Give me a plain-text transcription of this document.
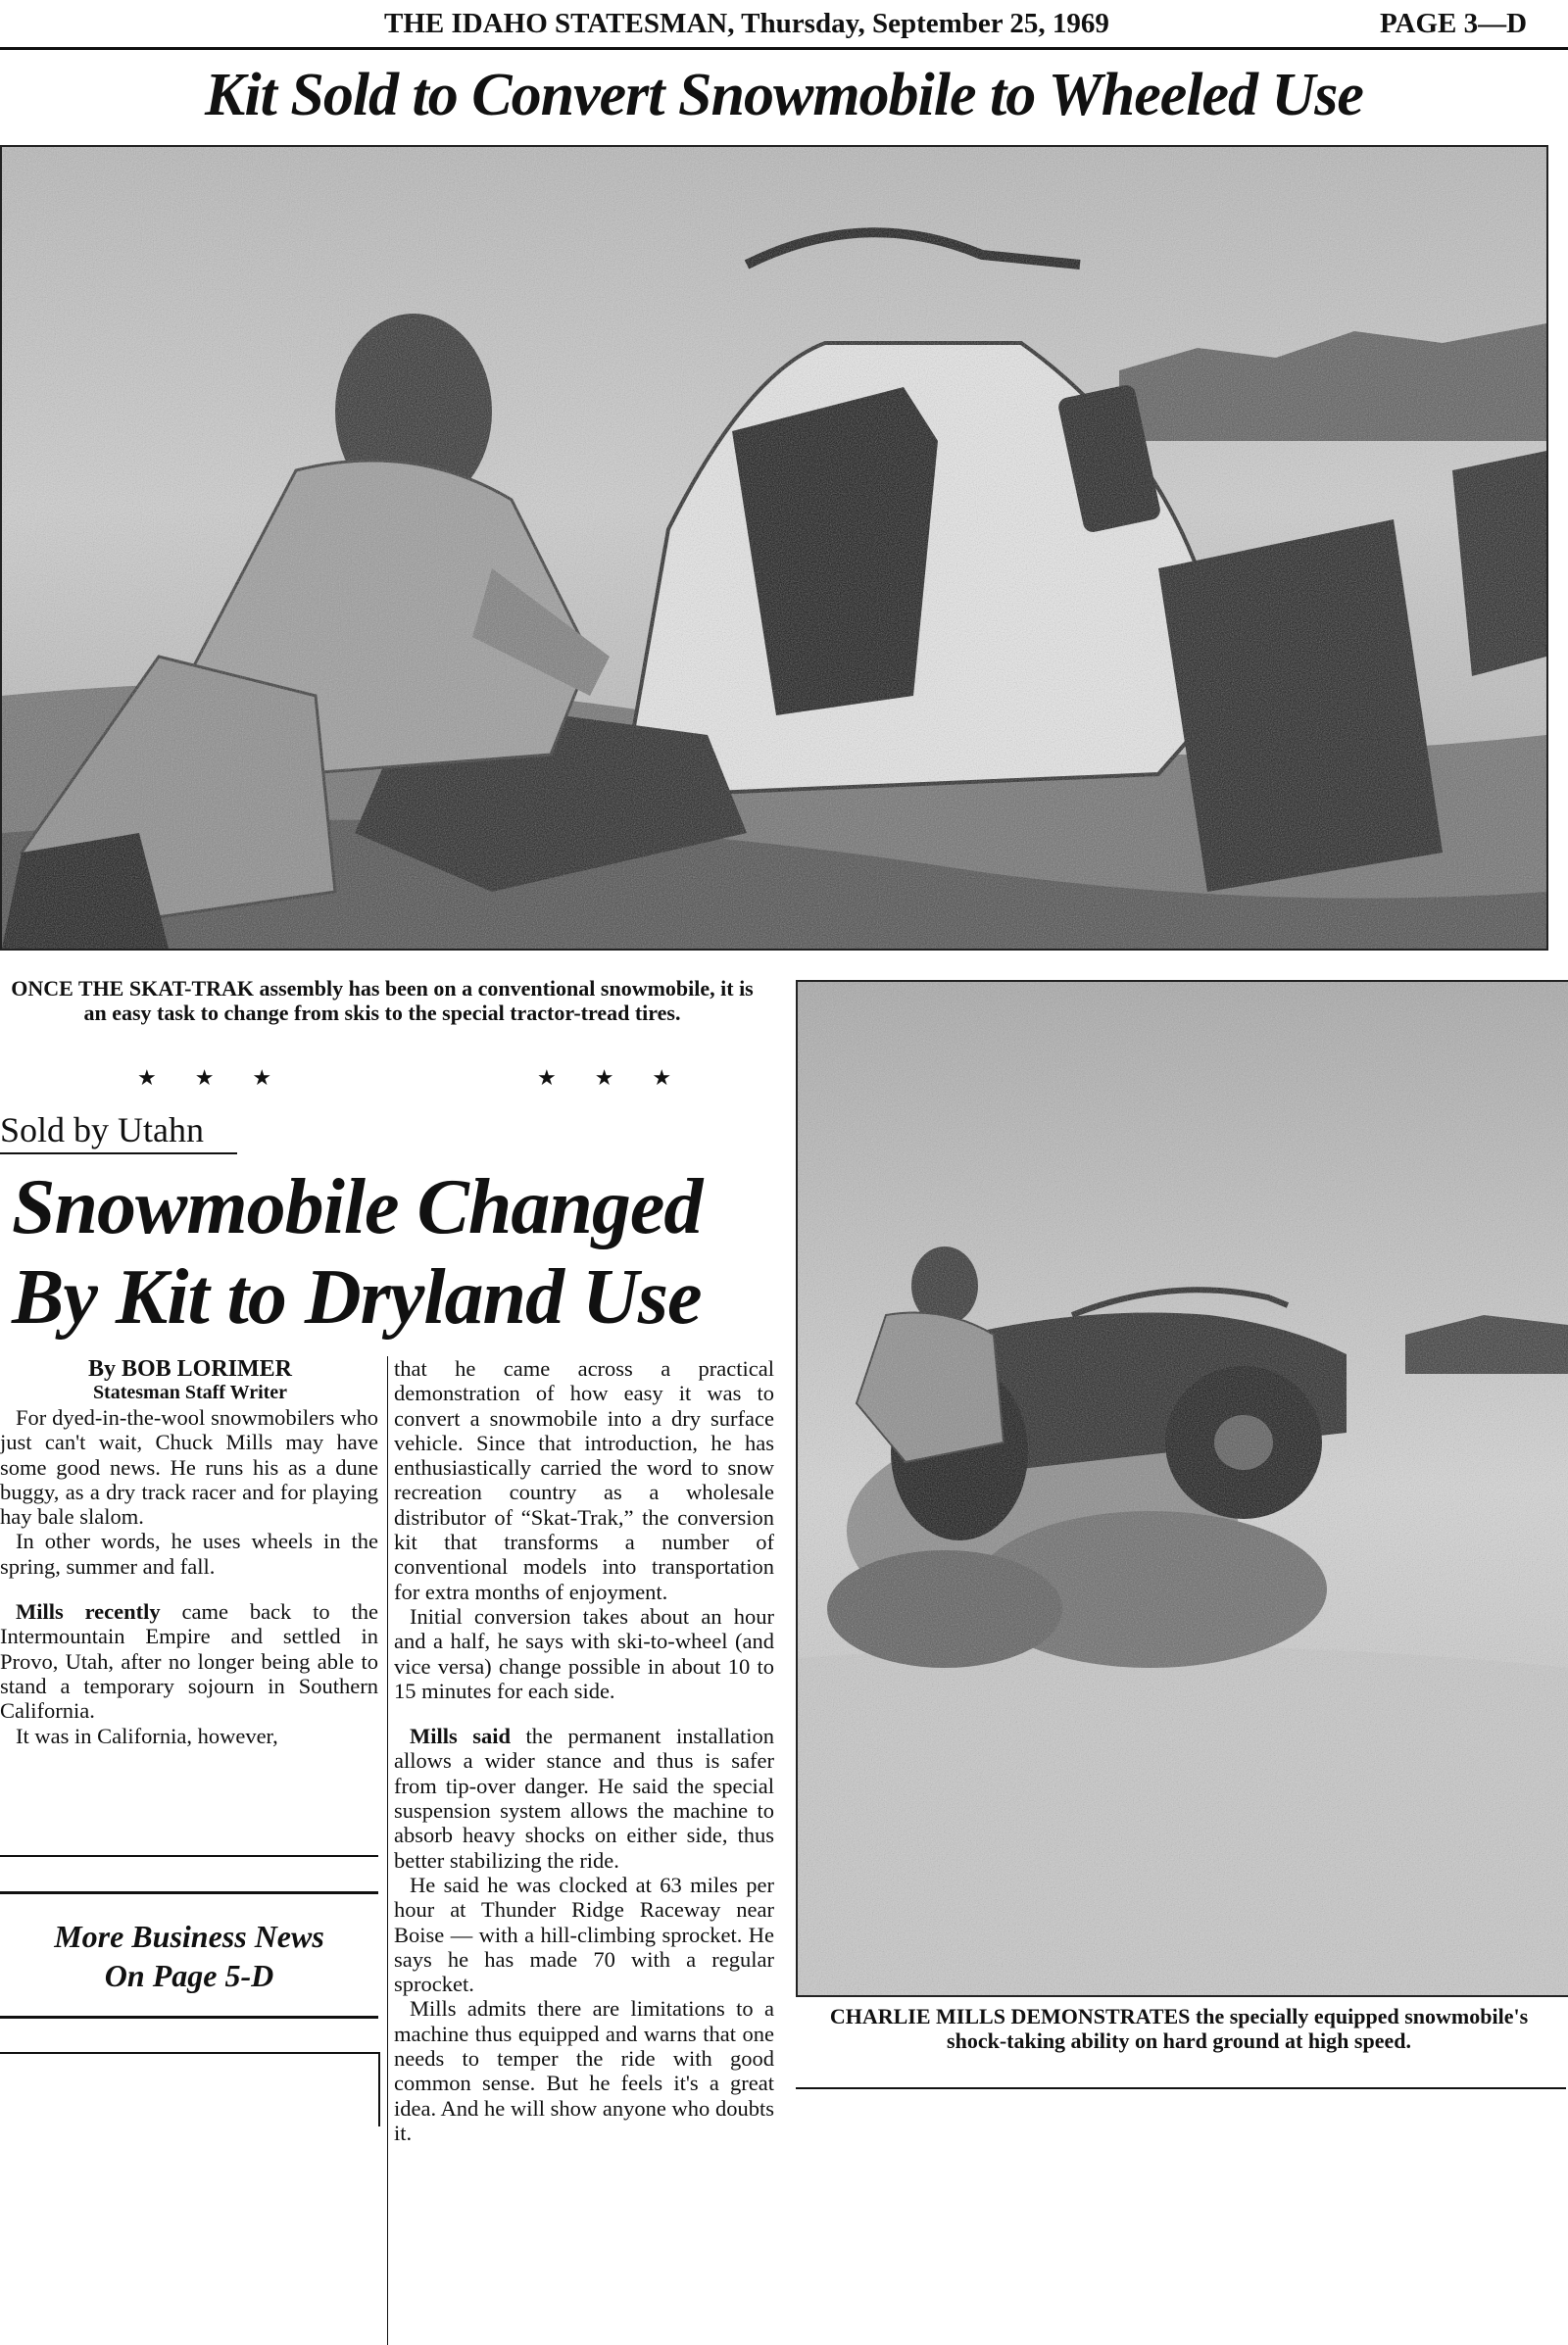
THE IDAHO STATESMAN, Thursday, September 25, 1969	PAGE 3—D
Kit Sold to Convert Snowmobile to Wheeled Use
ONCE THE SKAT-TRAK assembly has been on a conventional snowmobile, it is an easy task to change from skis to the special tractor-tread tires.
★ ★ ★	★ ★ ★
Sold by Utahn
Snowmobile Changed
By Kit to Dryland Use
By BOB LORIMER
Statesman Staff Writer

For dyed-in-the-wool snowmobilers who just can't wait, Chuck Mills may have some good news. He runs his as a dune buggy, as a dry track racer and for playing hay bale slalom.

In other words, he uses wheels in the spring, summer and fall.

Mills recently came back to the Intermountain Empire and settled in Provo, Utah, after no longer being able to stand a temporary sojourn in Southern California.

It was in California, however,

More Business News
On Page 5-D

that he came across a practical demonstration of how easy it was to convert a snowmobile into a dry surface vehicle. Since that introduction, he has enthusiastically carried the word to snow recreation country as a wholesale distributor of “Skat-Trak,” the conversion kit that transforms a number of conventional models into transportation for extra months of enjoyment.

Initial conversion takes about an hour and a half, he says with ski-to-wheel (and vice versa) change possible in about 10 to 15 minutes for each side.

Mills said the permanent installation allows a wider stance and thus is safer from tip-over danger. He said the special suspension system allows the machine to absorb heavy shocks on either side, thus better stabilizing the ride.

He said he was clocked at 63 miles per hour at Thunder Ridge Raceway near Boise — with a hill-climbing sprocket. He says he has made 70 with a regular sprocket.

Mills admits there are limitations to a machine thus equipped and warns that one needs to temper the ride with good common sense. But he feels it's a great idea. And he will show anyone who doubts it.

CHARLIE MILLS DEMONSTRATES the specially equipped snowmobile's shock-taking ability on hard ground at high speed.
